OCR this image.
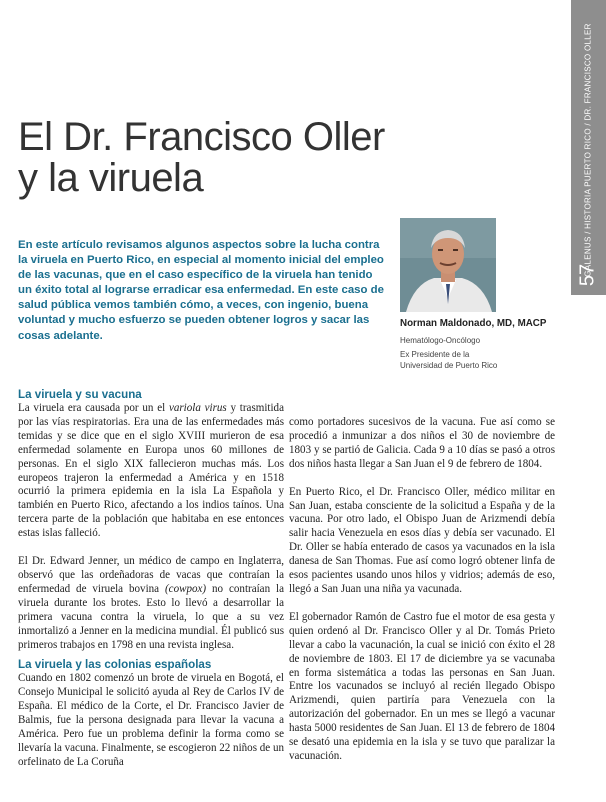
GALENUS / HISTORIA PUERTO RICO / DR. FRANCISCO OLLER
57
El Dr. Francisco Oller
y la viruela

En este artículo revisamos algunos aspectos sobre la lucha contra la viruela en Puerto Rico, en especial al momento inicial del empleo de las vacunas, que en el caso específico de la viruela han tenido un éxito total al lograrse erradicar esa enfermedad. En este caso de salud pública vemos también cómo, a veces, con ingenio, buena voluntad y mucho esfuerzo se pueden obtener logros y sacar las cosas adelante.

Norman Maldonado, MD, MACP
Hematólogo-Oncólogo
Ex Presidente de la
Universidad de Puerto Rico
La viruela y su vacuna

La viruela era causada por un el variola virus y trasmitida por las vías respiratorias. Era una de las enfermedades más temidas y se dice que en el siglo XVIII murieron de esa enfermedad solamente en Europa unos 60 millones de personas. En el siglo XIX fallecieron muchas más. Los europeos trajeron la enfermedad a América y en 1518 ocurrió la primera epidemia en la isla La Española y también en Puerto Rico, afectando a los indios taínos. Una tercera parte de la población que habitaba en ese entonces estas islas falleció.

El Dr. Edward Jenner, un médico de campo en Inglaterra, observó que las ordeñadoras de vacas que contraían la enfermedad de viruela bovina (cowpox) no contraían la viruela durante los brotes. Esto lo llevó a desarrollar la primera vacuna contra la viruela, lo que a su vez inmortalizó a Jenner en la medicina mundial. Él publicó sus primeros trabajos en 1798 en una revista inglesa.

La viruela y las colonias españolas

Cuando en 1802 comenzó un brote de viruela en Bogotá, el Consejo Municipal le solicitó ayuda al Rey de Carlos IV de España. El médico de la Corte, el Dr. Francisco Javier de Balmis, fue la persona designada para llevar la vacuna a América. Pero fue un problema definir la forma como se llevaría la vacuna. Finalmente, se escogieron 22 niños de un orfelinato de La Coruña

como portadores sucesivos de la vacuna. Fue así como se procedió a inmunizar a dos niños el 30 de noviembre de 1803 y se partió de Galicia. Cada 9 a 10 días se pasó a otros dos niños hasta llegar a San Juan el 9 de febrero de 1804.

En Puerto Rico, el Dr. Francisco Oller, médico militar en San Juan, estaba consciente de la solicitud a España y de la vacuna. Por otro lado, el Obispo Juan de Arizmendi debía salir hacia Venezuela en esos días y debía ser vacunado. El Dr. Oller se había enterado de casos ya vacunados en la isla danesa de San Thomas. Fue así como logró obtener linfa de esos pacientes usando unos hilos y vidrios; además de eso, llegó a San Juan una niña ya vacunada.

El gobernador Ramón de Castro fue el motor de esa gesta y quien ordenó al Dr. Francisco Oller y al Dr. Tomás Prieto llevar a cabo la vacunación, la cual se inició con éxito el 28 de noviembre de 1803. El 17 de diciembre ya se vacunaba en forma sistemática a todas las personas en San Juan. Entre los vacunados se incluyó al recién llegado Obispo Arizmendi, quien partiría para Venezuela con la autorización del gobernador. En un mes se llegó a vacunar hasta 5000 residentes de San Juan. El 13 de febrero de 1804 se desató una epidemia en la isla y se tuvo que paralizar la vacunación.
